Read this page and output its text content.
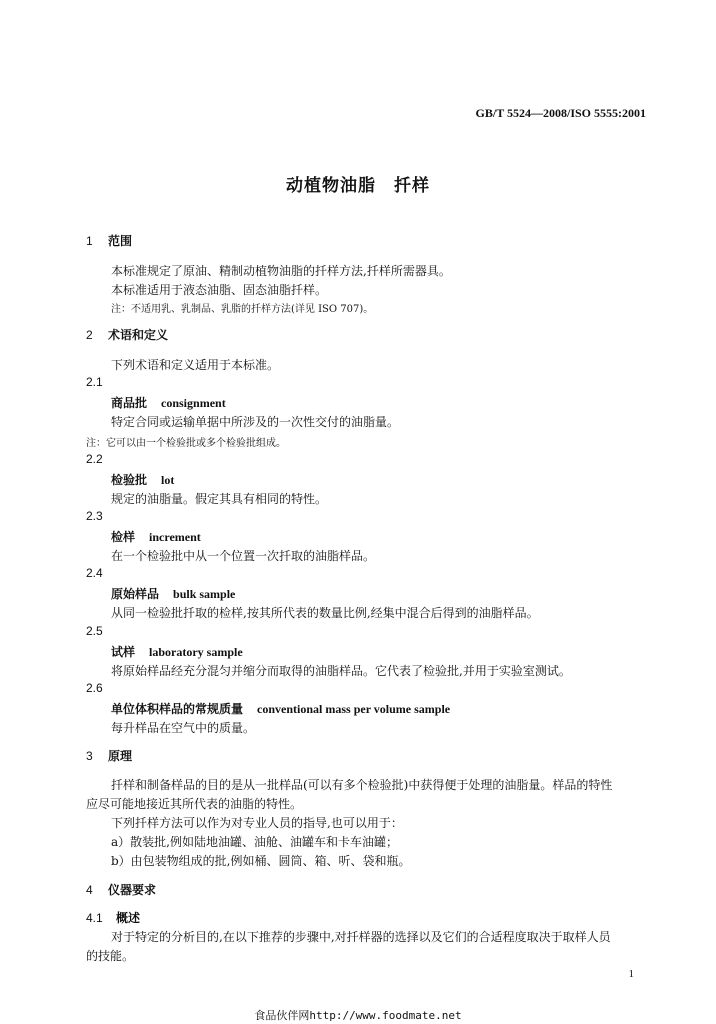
GB/T 5524—2008/ISO 5555:2001
动植物油脂　扦样
1 范围
本标准规定了原油、精制动植物油脂的扦样方法,扦样所需器具。
本标准适用于液态油脂、固态油脂扦样。
注：不适用乳、乳制品、乳脂的扦样方法(详见 ISO 707)。
2 术语和定义
下列术语和定义适用于本标准。
2.1
商品批 consignment
特定合同或运输单据中所涉及的一次性交付的油脂量。
注：它可以由一个检验批或多个检验批组成。
2.2
检验批 lot
规定的油脂量。假定其具有相同的特性。
2.3
检样 increment
在一个检验批中从一个位置一次扦取的油脂样品。
2.4
原始样品 bulk sample
从同一检验批扦取的检样,按其所代表的数量比例,经集中混合后得到的油脂样品。
2.5
试样 laboratory sample
将原始样品经充分混匀并缩分而取得的油脂样品。它代表了检验批,并用于实验室测试。
2.6
单位体积样品的常规质量 conventional mass per volume sample
每升样品在空气中的质量。
3 原理
扦样和制备样品的目的是从一批样品(可以有多个检验批)中获得便于处理的油脂量。样品的特性
应尽可能地接近其所代表的油脂的特性。
下列扦样方法可以作为对专业人员的指导,也可以用于：
a）散装批,例如陆地油罐、油舱、油罐车和卡车油罐；
b）由包装物组成的批,例如桶、圆筒、箱、听、袋和瓶。
4 仪器要求
4.1 概述
对于特定的分析目的,在以下推荐的步骤中,对扦样器的选择以及它们的合适程度取决于取样人员
的技能。
1
食品伙伴网http://www.foodmate.net
